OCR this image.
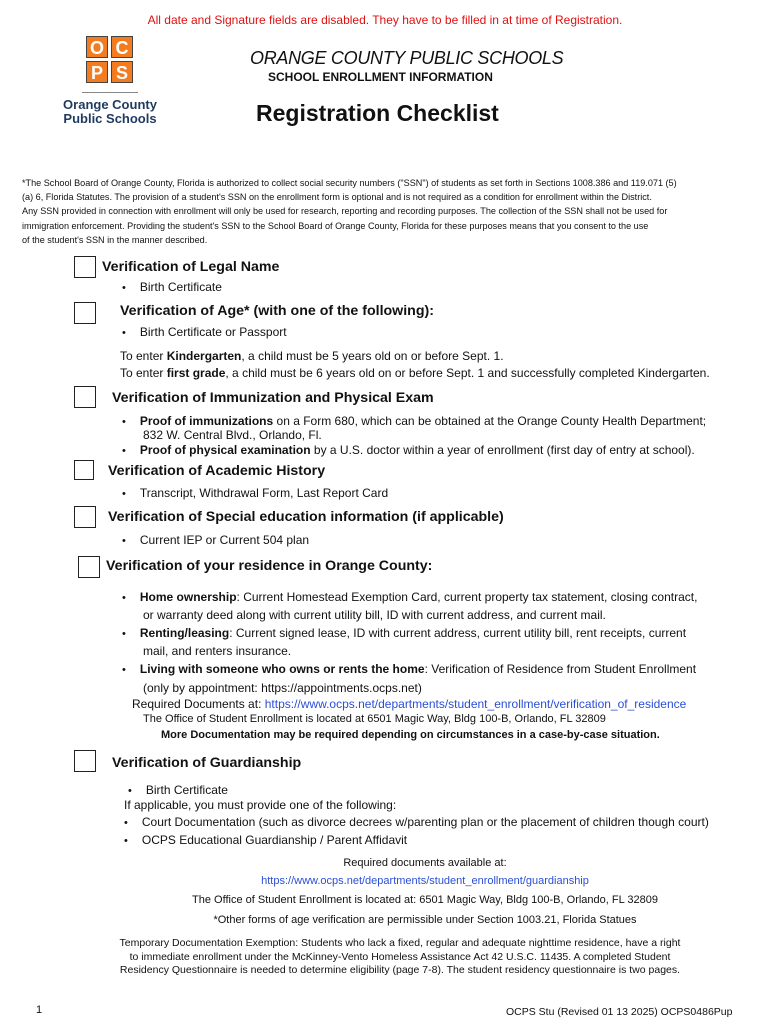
All date and Signature fields are disabled. They have to be filled in at time of Registration.
O C
P S
Orange County
Public Schools
ORANGE COUNTY PUBLIC SCHOOLS
SCHOOL ENROLLMENT INFORMATION
Registration Checklist
*The School Board of Orange County, Florida is authorized to collect social security numbers ("SSN") of students as set forth in Sections 1008.386 and 119.071 (5)
(a) 6, Florida Statutes. The provision of a student's SSN on the enrollment form is optional and is not required as a condition for enrollment within the District.
Any SSN provided in connection with enrollment will only be used for research, reporting and recording purposes. The collection of the SSN shall not be used for
immigration enforcement. Providing the student's SSN to the School Board of Orange County, Florida for these purposes means that you consent to the use
of the student's SSN in the manner described.
Verification of Legal Name
• Birth Certificate
Verification of Age* (with one of the following):
• Birth Certificate or Passport
To enter Kindergarten, a child must be 5 years old on or before Sept. 1.
To enter first grade, a child must be 6 years old on or before Sept. 1 and successfully completed Kindergarten.
Verification of Immunization and Physical Exam
• Proof of immunizations on a Form 680, which can be obtained at the Orange County Health Department;
832 W. Central Blvd., Orlando, Fl.
• Proof of physical examination by a U.S. doctor within a year of enrollment (first day of entry at school).
Verification of Academic History
• Transcript, Withdrawal Form, Last Report Card
Verification of Special education information (if applicable)
• Current IEP or Current 504 plan
Verification of your residence in Orange County:
• Home ownership: Current Homestead Exemption Card, current property tax statement, closing contract,
or warranty deed along with current utility bill, ID with current address, and current mail.
• Renting/leasing: Current signed lease, ID with current address, current utility bill, rent receipts, current
mail, and renters insurance.
• Living with someone who owns or rents the home: Verification of Residence from Student Enrollment
(only by appointment: https://appointments.ocps.net)
Required Documents at: https://www.ocps.net/departments/student_enrollment/verification_of_residence
The Office of Student Enrollment is located at 6501 Magic Way, Bldg 100-B, Orlando, FL 32809
More Documentation may be required depending on circumstances in a case-by-case situation.
Verification of Guardianship
• Birth Certificate
If applicable, you must provide one of the following:
• Court Documentation (such as divorce decrees w/parenting plan or the placement of children though court)
• OCPS Educational Guardianship / Parent Affidavit
Required documents available at:
https://www.ocps.net/departments/student_enrollment/guardianship
The Office of Student Enrollment is located at: 6501 Magic Way, Bldg 100-B, Orlando, FL 32809
*Other forms of age verification are permissible under Section 1003.21, Florida Statues
Temporary Documentation Exemption: Students who lack a fixed, regular and adequate nighttime residence, have a right
to immediate enrollment under the McKinney-Vento Homeless Assistance Act 42 U.S.C. 11435. A completed Student
Residency Questionnaire is needed to determine eligibility (page 7-8). The student residency questionnaire is two pages.
1	OCPS Stu (Revised 01 13 2025) OCPS0486Pup
